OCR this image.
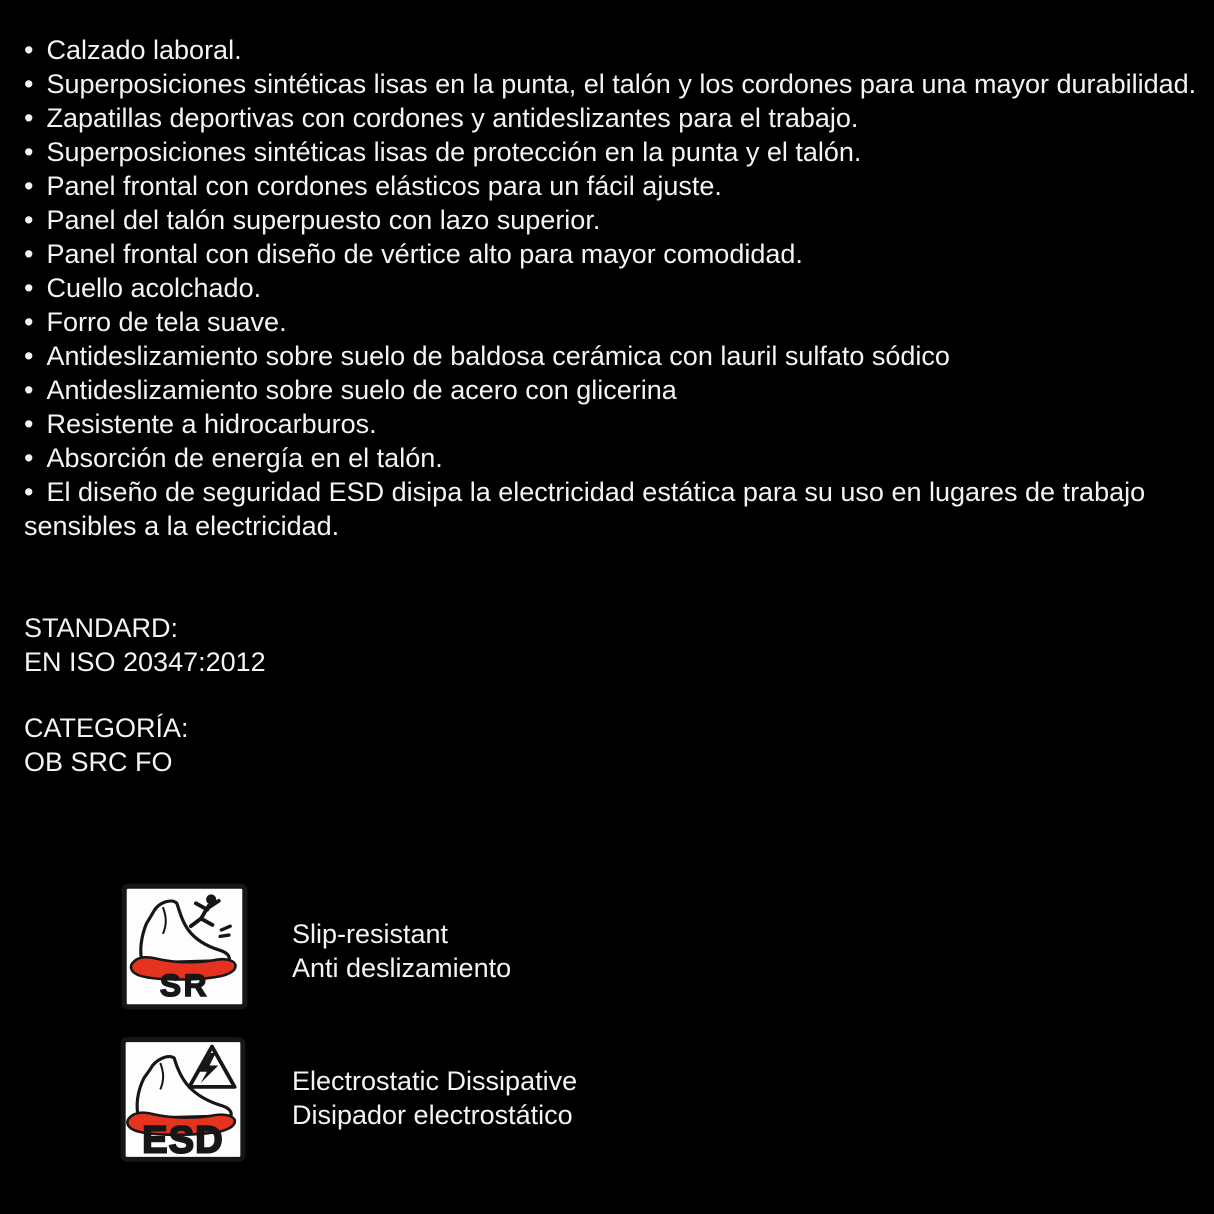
• Calzado laboral.

• Superposiciones sintéticas lisas en la punta, el talón y los cordones para una mayor durabilidad.

• Zapatillas deportivas con cordones y antideslizantes para el trabajo.

• Superposiciones sintéticas lisas de protección en la punta y el talón.

• Panel frontal con cordones elásticos para un fácil ajuste.

• Panel del talón superpuesto con lazo superior.

• Panel frontal con diseño de vértice alto para mayor comodidad.

• Cuello acolchado.

• Forro de tela suave.

• Antideslizamiento sobre suelo de baldosa cerámica con lauril sulfato sódico

• Antideslizamiento sobre suelo de acero con glicerina

• Resistente a hidrocarburos.

• Absorción de energía en el talón.

• El diseño de seguridad ESD disipa la electricidad estática para su uso en lugares de trabajo sensibles a la electricidad.

STANDARD:
EN ISO 20347:2012
CATEGORÍA:
OB SRC FO
SR
Slip-resistant
Anti deslizamiento
ESD
Electrostatic Dissipative
Disipador electrostático
